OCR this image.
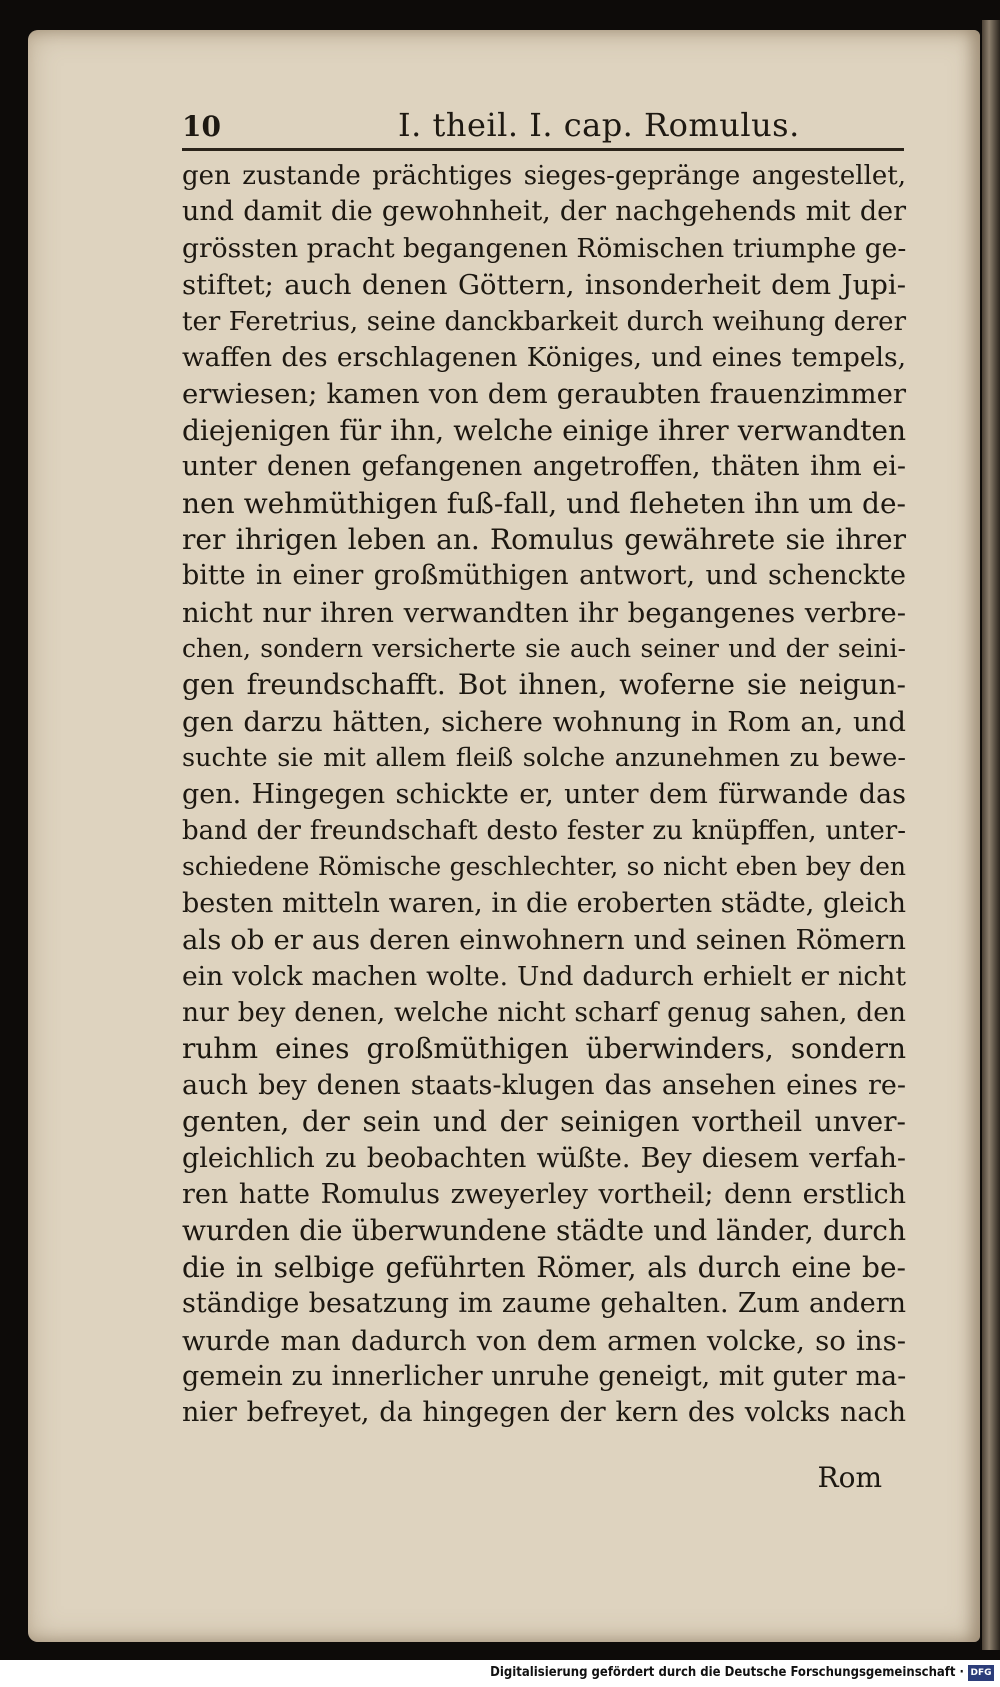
10	I. theil. I. cap. Romulus.
gen zustande prächtiges sieges-gepränge angestellet,
und damit die gewohnheit, der nachgehends mit der
grössten pracht begangenen Römischen triumphe ge-
stiftet; auch denen Göttern, insonderheit dem Jupi-
ter Feretrius, seine danckbarkeit durch weihung derer
waffen des erschlagenen Königes, und eines tempels,
erwiesen; kamen von dem geraubten frauenzimmer
diejenigen für ihn, welche einige ihrer verwandten
unter denen gefangenen angetroffen, thäten ihm ei-
nen wehmüthigen fuß-fall, und fleheten ihn um de-
rer ihrigen leben an. Romulus gewährete sie ihrer
bitte in einer großmüthigen antwort, und schenckte
nicht nur ihren verwandten ihr begangenes verbre-
chen, sondern versicherte sie auch seiner und der seini-
gen freundschafft. Bot ihnen, woferne sie neigun-
gen darzu hätten, sichere wohnung in Rom an, und
suchte sie mit allem fleiß solche anzunehmen zu bewe-
gen. Hingegen schickte er, unter dem fürwande das
band der freundschaft desto fester zu knüpffen, unter-
schiedene Römische geschlechter, so nicht eben bey den
besten mitteln waren, in die eroberten städte, gleich
als ob er aus deren einwohnern und seinen Römern
ein volck machen wolte. Und dadurch erhielt er nicht
nur bey denen, welche nicht scharf genug sahen, den
ruhm eines großmüthigen überwinders, sondern
auch bey denen staats-klugen das ansehen eines re-
genten, der sein und der seinigen vortheil unver-
gleichlich zu beobachten wüßte. Bey diesem verfah-
ren hatte Romulus zweyerley vortheil; denn erstlich
wurden die überwundene städte und länder, durch
die in selbige geführten Römer, als durch eine be-
ständige besatzung im zaume gehalten. Zum andern
wurde man dadurch von dem armen volcke, so ins-
gemein zu innerlicher unruhe geneigt, mit guter ma-
nier befreyet, da hingegen der kern des volcks nach
Rom
Digitalisierung gefördert durch die Deutsche Forschungsgemeinschaft · DFG
